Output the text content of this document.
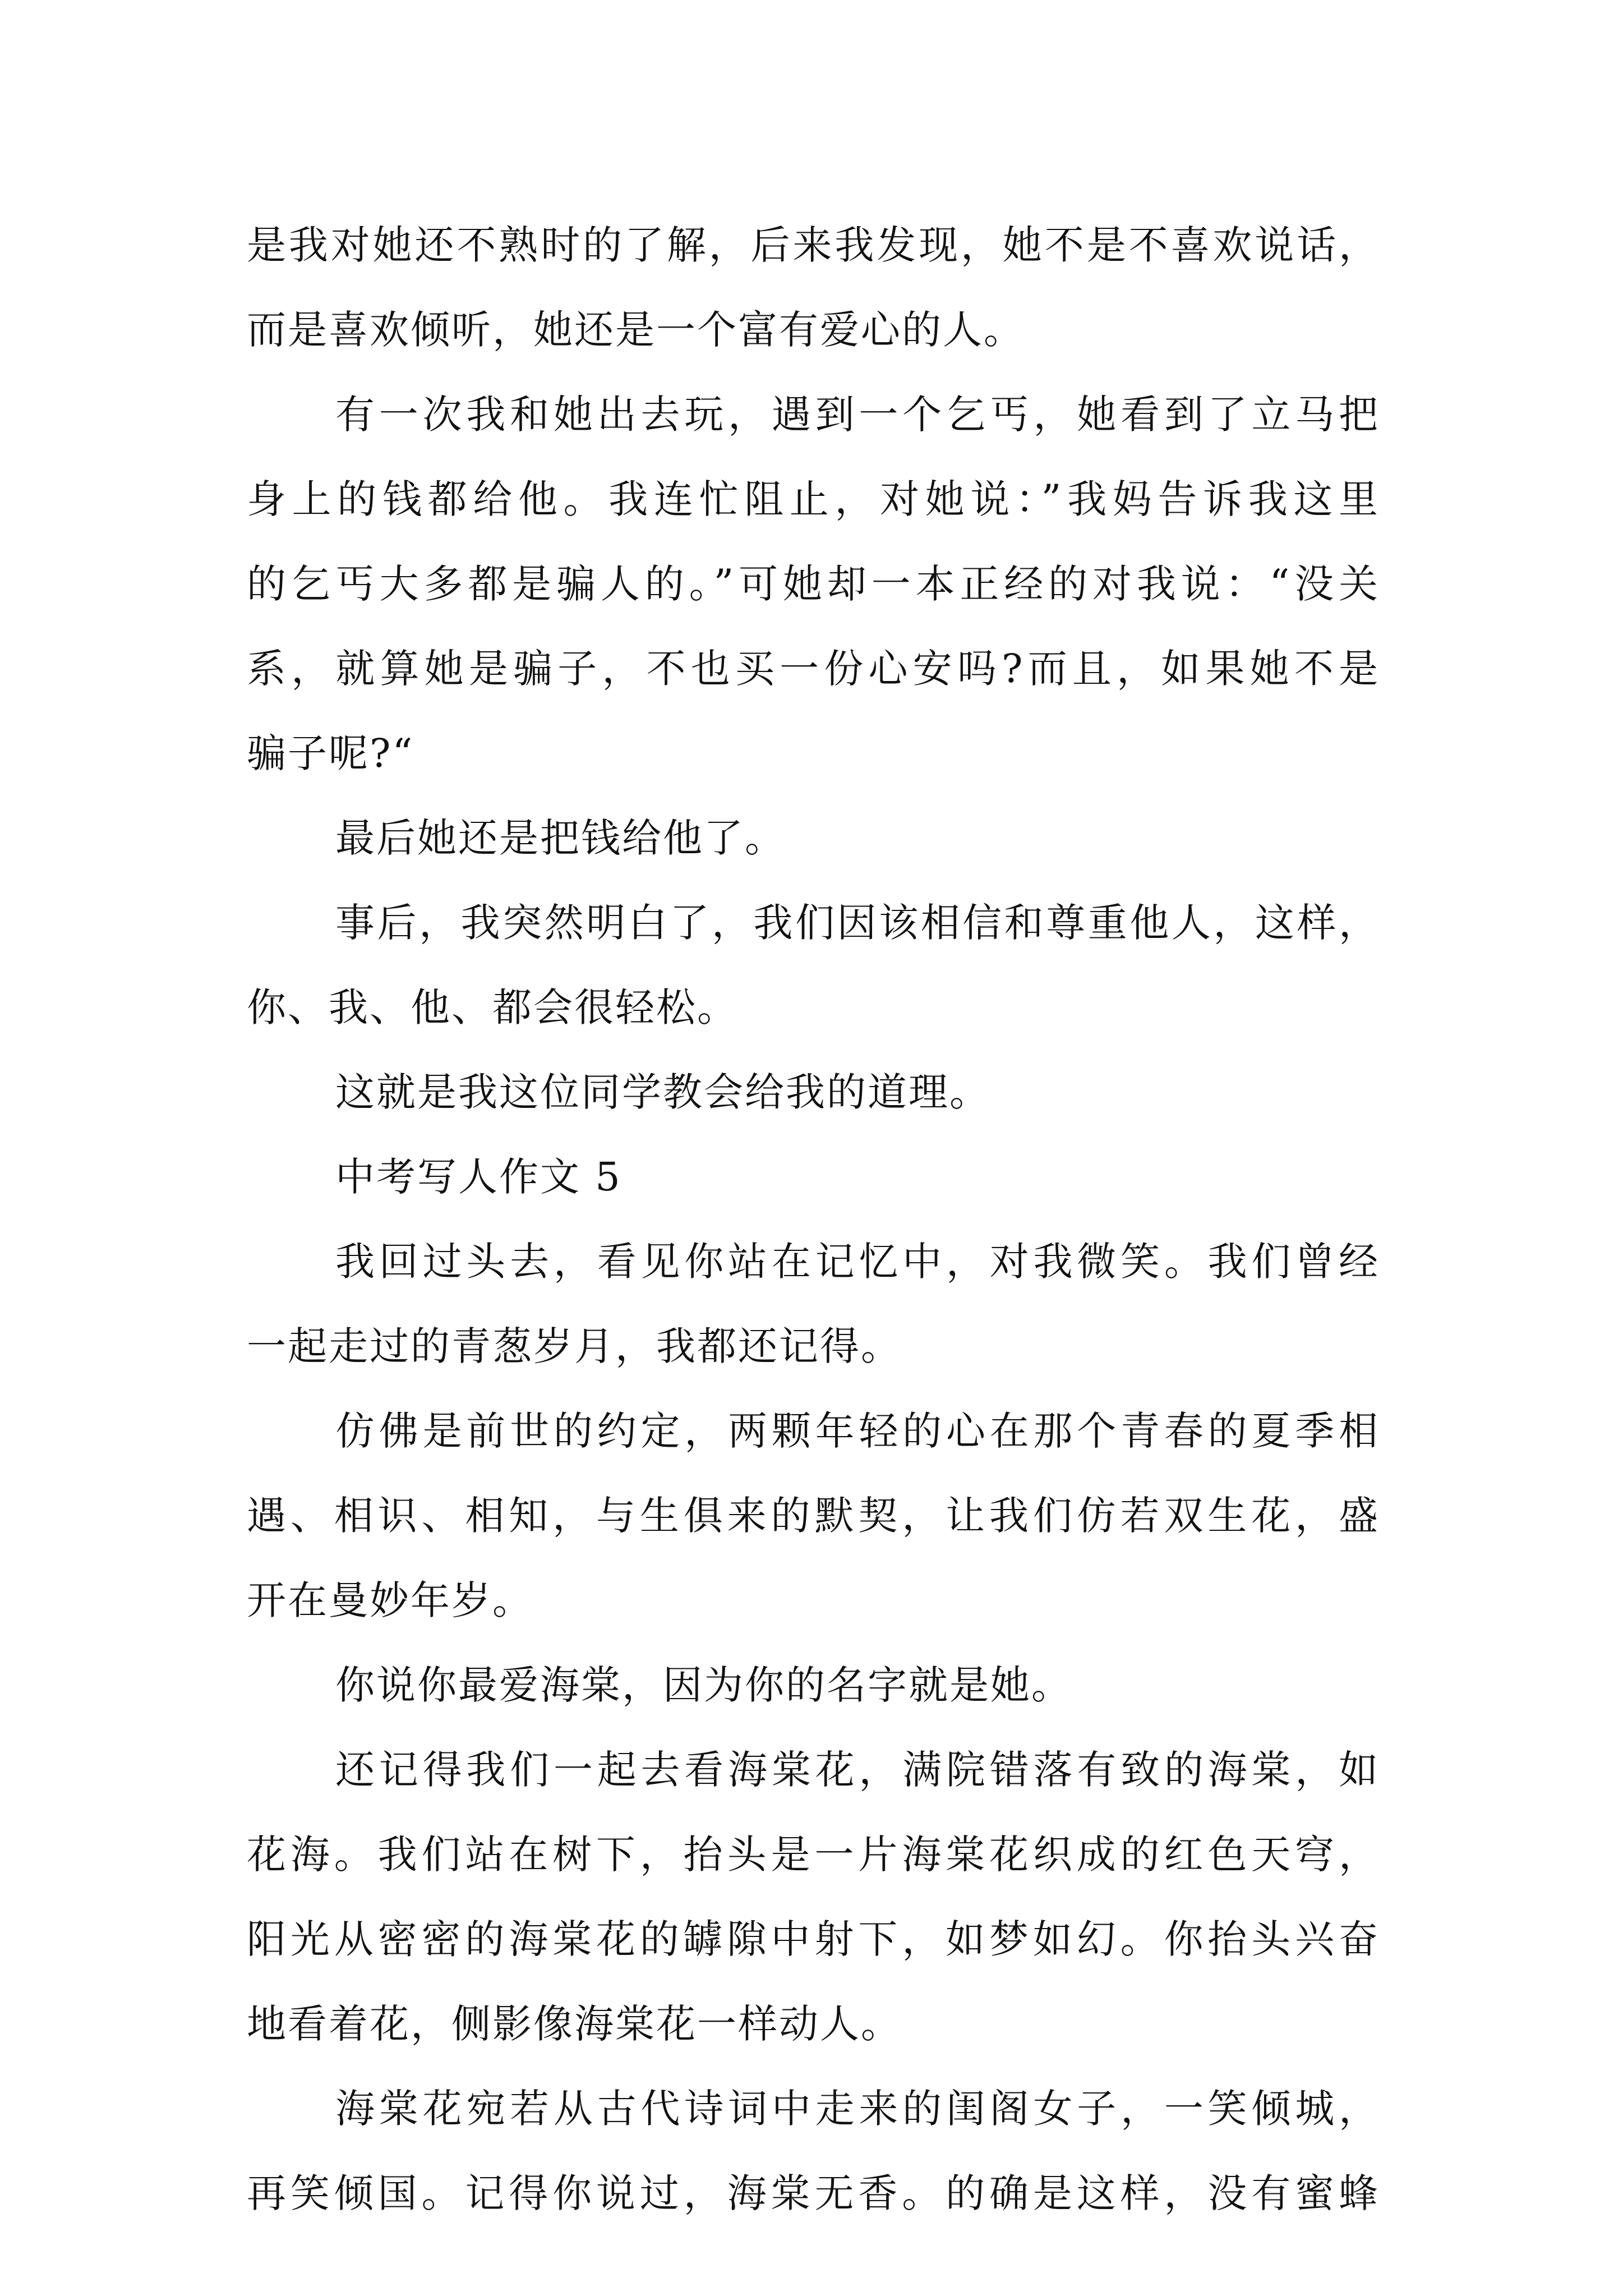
是我对她还不熟时的了解，后来我发现，她不是不喜欢说话，
而是喜欢倾听，她还是一个富有爱心的人。
有一次我和她出去玩，遇到一个乞丐，她看到了立马把
身上的钱都给他。我连忙阻止，对她说：”我妈告诉我这里
的乞丐大多都是骗人的。”可她却一本正经的对我说：“没关
系，就算她是骗子，不也买一份心安吗?而且，如果她不是
骗子呢?“
最后她还是把钱给他了。
事后，我突然明白了，我们因该相信和尊重他人，这样，
你、我、他、都会很轻松。
这就是我这位同学教会给我的道理。
中考写人作文 5
我回过头去，看见你站在记忆中，对我微笑。我们曾经
一起走过的青葱岁月，我都还记得。
仿佛是前世的约定，两颗年轻的心在那个青春的夏季相
遇、相识、相知，与生俱来的默契，让我们仿若双生花，盛
开在曼妙年岁。
你说你最爱海棠，因为你的名字就是她。
还记得我们一起去看海棠花，满院错落有致的海棠，如
花海。我们站在树下，抬头是一片海棠花织成的红色天穹，
阳光从密密的海棠花的罅隙中射下，如梦如幻。你抬头兴奋
地看着花，侧影像海棠花一样动人。
海棠花宛若从古代诗词中走来的闺阁女子，一笑倾城，
再笑倾国。记得你说过，海棠无香。的确是这样，没有蜜蜂
